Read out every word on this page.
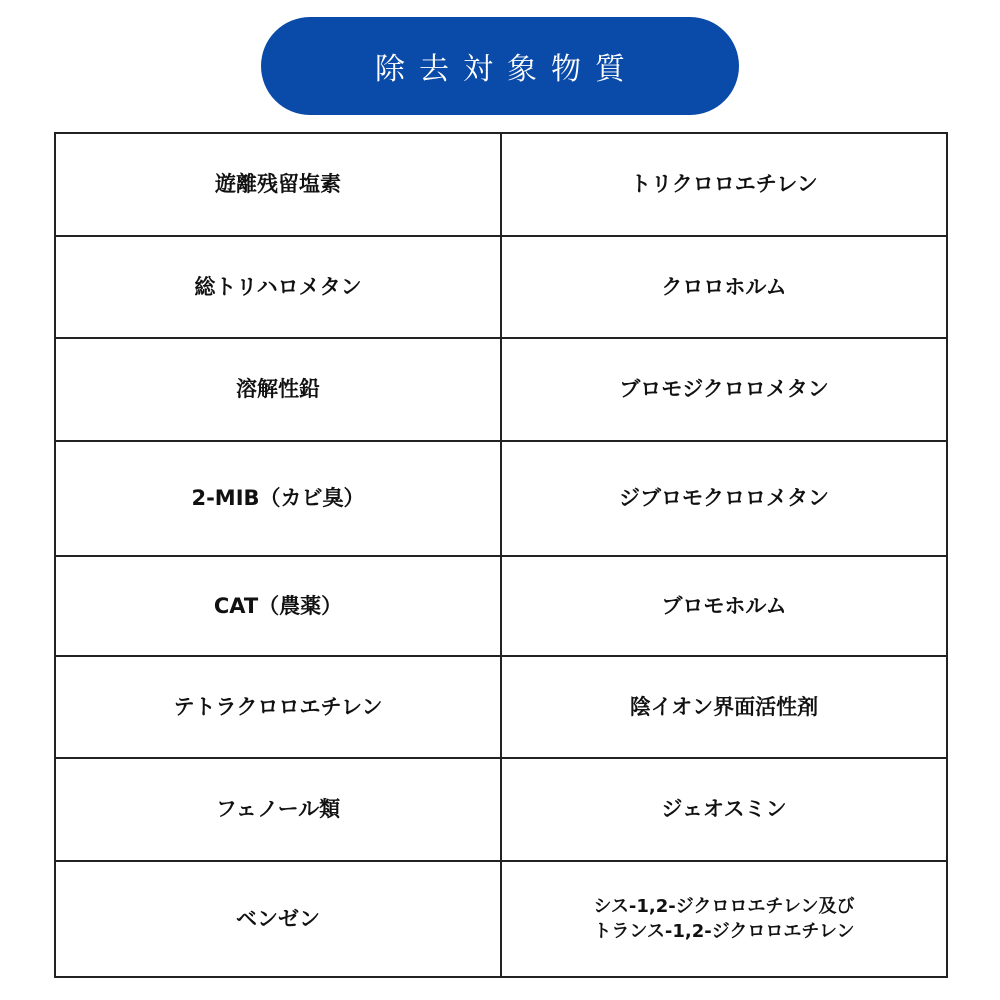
除去対象物質
遊離残留塩素	トリクロロエチレン
総トリハロメタン	クロロホルム
溶解性鉛	ブロモジクロロメタン
2-MIB（カビ臭）	ジブロモクロロメタン
CAT（農薬）	ブロモホルム
テトラクロロエチレン	陰イオン界面活性剤
フェノール類	ジェオスミン
ベンゼン	シス-1,2-ジクロロエチレン及び
トランス-1,2-ジクロロエチレン
